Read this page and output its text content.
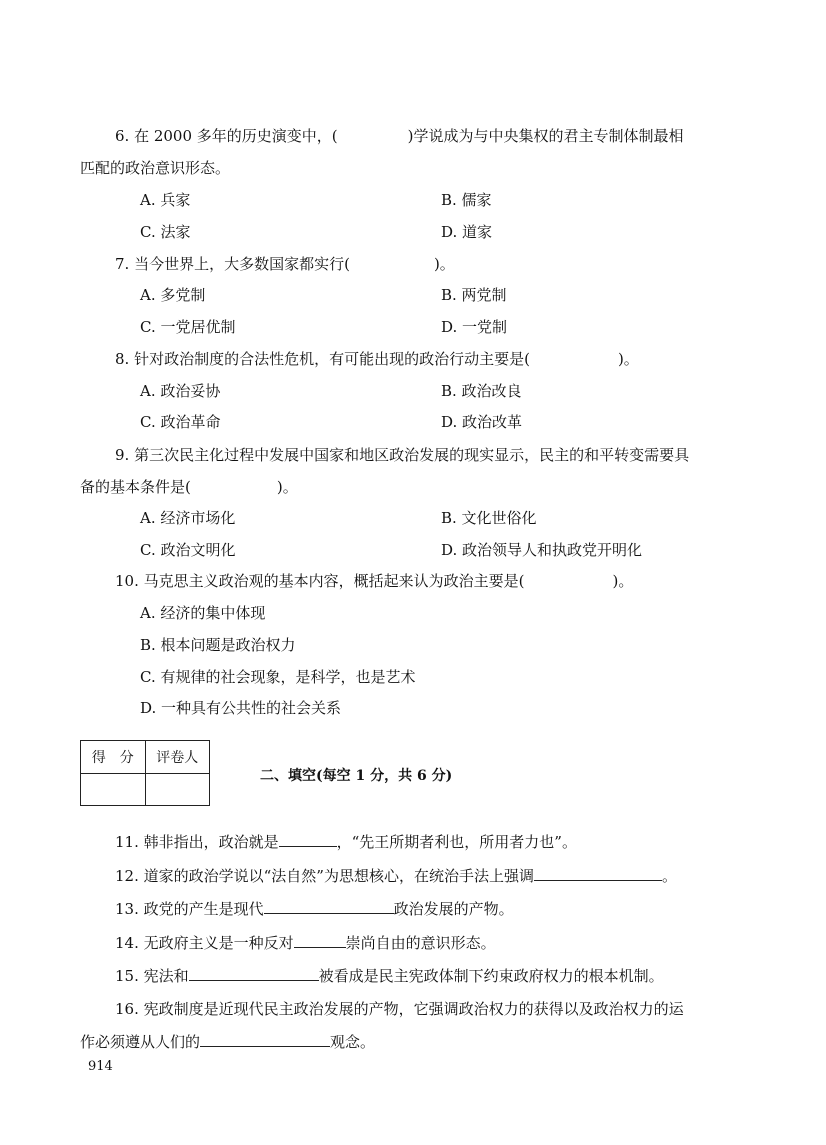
6. 在 2000 多年的历史演变中，(	)学说成为与中央集权的君主专制体制最相
匹配的政治意识形态。
A. 兵家	B. 儒家
C. 法家	D. 道家
7. 当今世界上，大多数国家都实行(	)。
A. 多党制	B. 两党制
C. 一党居优制	D. 一党制
8. 针对政治制度的合法性危机，有可能出现的政治行动主要是(	)。
A. 政治妥协	B. 政治改良
C. 政治革命	D. 政治改革
9. 第三次民主化过程中发展中国家和地区政治发展的现实显示，民主的和平转变需要具
备的基本条件是(	)。
A. 经济市场化	B. 文化世俗化
C. 政治文明化	D. 政治领导人和执政党开明化
10. 马克思主义政治观的基本内容，概括起来认为政治主要是(	)。
A. 经济的集中体现
B. 根本问题是政治权力
C. 有规律的社会现象，是科学，也是艺术
D. 一种具有公共性的社会关系
得　分	评卷人

二、填空(每空 1 分，共 6 分)
11. 韩非指出，政治就是	，“先王所期者利也，所用者力也”。
12. 道家的政治学说以“法自然”为思想核心，在统治手法上强调	。
13. 政党的产生是现代	政治发展的产物。
14. 无政府主义是一种反对	崇尚自由的意识形态。
15. 宪法和	被看成是民主宪政体制下约束政府权力的根本机制。
16. 宪政制度是近现代民主政治发展的产物，它强调政治权力的获得以及政治权力的运
作必须遵从人们的	观念。
914
